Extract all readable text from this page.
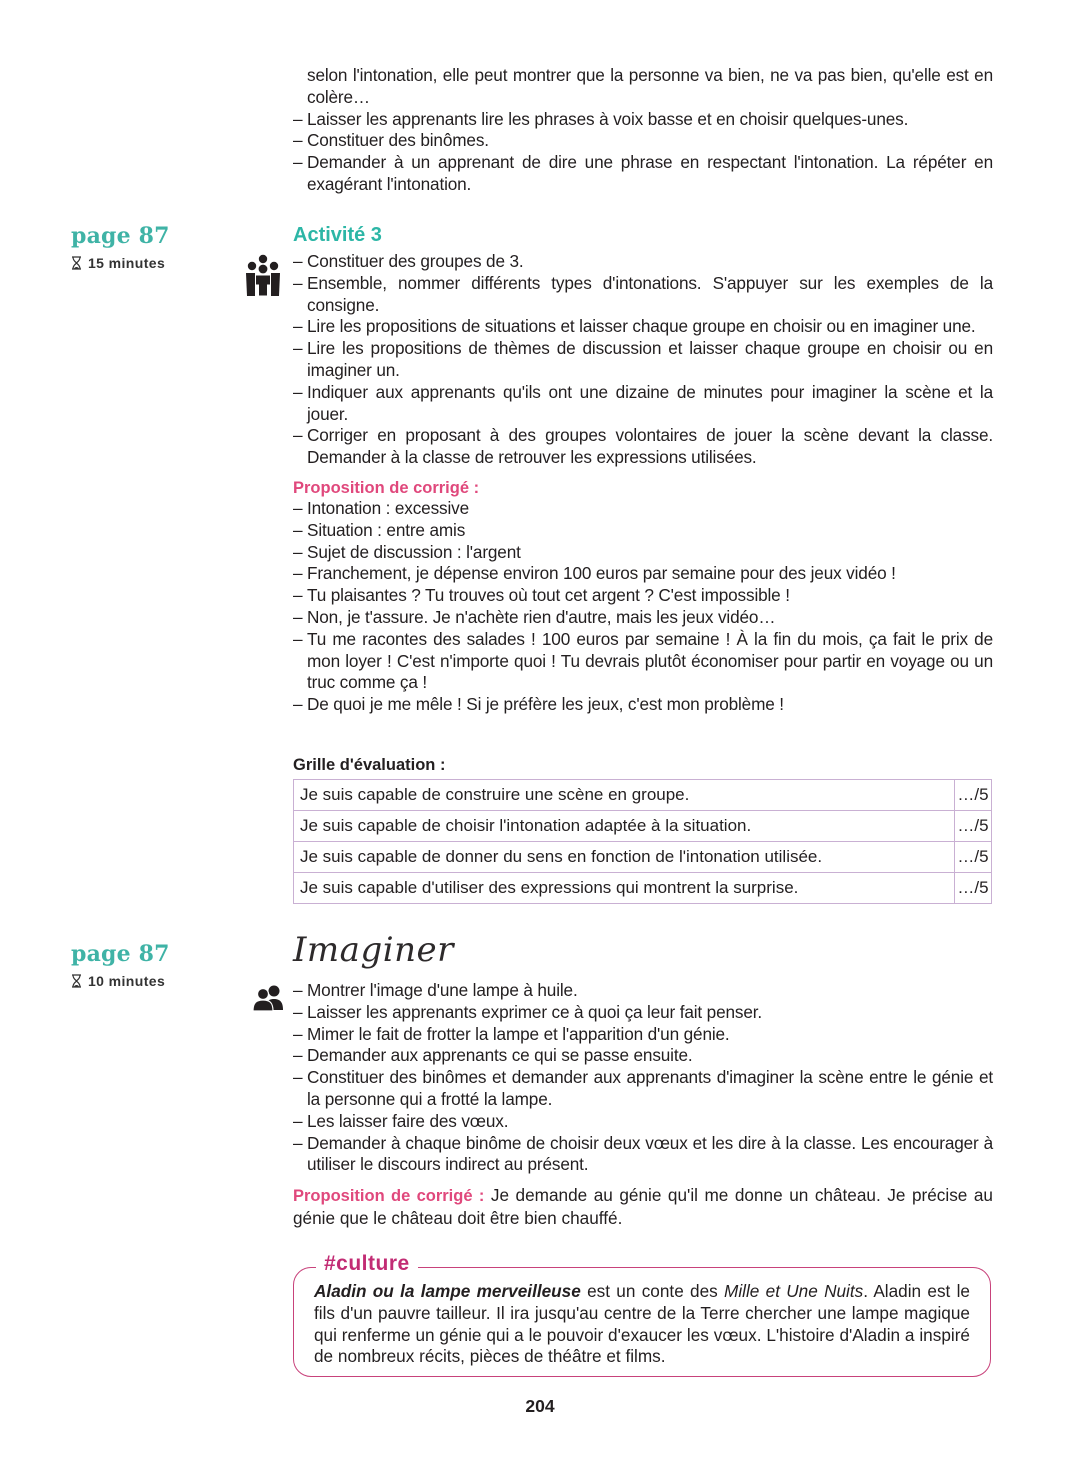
selon l'intonation, elle peut montrer que la personne va bien, ne va pas bien, qu'elle est en colère…
– Laisser les apprenants lire les phrases à voix basse et en choisir quelques-unes.
– Constituer des binômes.
– Demander à un apprenant de dire une phrase en respectant l'intonation. La répéter en exagérant l'intonation.
page 87
15 minutes
Activité 3
– Constituer des groupes de 3.
– Ensemble, nommer différents types d'intonations. S'appuyer sur les exemples de la consigne.
– Lire les propositions de situations et laisser chaque groupe en choisir ou en imaginer une.
– Lire les propositions de thèmes de discussion et laisser chaque groupe en choisir ou en imaginer un.
– Indiquer aux apprenants qu'ils ont une dizaine de minutes pour imaginer la scène et la jouer.
– Corriger en proposant à des groupes volontaires de jouer la scène devant la classe. Demander à la classe de retrouver les expressions utilisées.
Proposition de corrigé :
– Intonation : excessive
– Situation : entre amis
– Sujet de discussion : l'argent
– Franchement, je dépense environ 100 euros par semaine pour des jeux vidéo !
– Tu plaisantes ? Tu trouves où tout cet argent ? C'est impossible !
– Non, je t'assure. Je n'achète rien d'autre, mais les jeux vidéo…
– Tu me racontes des salades ! 100 euros par semaine ! À la fin du mois, ça fait le prix de mon loyer ! C'est n'importe quoi ! Tu devrais plutôt économiser pour partir en voyage ou un truc comme ça !
– De quoi je me mêle ! Si je préfère les jeux, c'est mon problème !
Grille d'évaluation :
Je suis capable de construire une scène en groupe.	…/5
Je suis capable de choisir l'intonation adaptée à la situation.	…/5
Je suis capable de donner du sens en fonction de l'intonation utilisée.	…/5
Je suis capable d'utiliser des expressions qui montrent la surprise.	…/5
page 87
10 minutes
Imaginer
– Montrer l'image d'une lampe à huile.
– Laisser les apprenants exprimer ce à quoi ça leur fait penser.
– Mimer le fait de frotter la lampe et l'apparition d'un génie.
– Demander aux apprenants ce qui se passe ensuite.
– Constituer des binômes et demander aux apprenants d'imaginer la scène entre le génie et la personne qui a frotté la lampe.
– Les laisser faire des vœux.
– Demander à chaque binôme de choisir deux vœux et les dire à la classe. Les encourager à utiliser le discours indirect au présent.
Proposition de corrigé : Je demande au génie qu'il me donne un château. Je précise au génie que le château doit être bien chauffé.
#culture
Aladin ou la lampe merveilleuse est un conte des Mille et Une Nuits. Aladin est le fils d'un pauvre tailleur. Il ira jusqu'au centre de la Terre chercher une lampe magique qui renferme un génie qui a le pouvoir d'exaucer les vœux. L'histoire d'Aladin a inspiré de nombreux récits, pièces de théâtre et films.
204
